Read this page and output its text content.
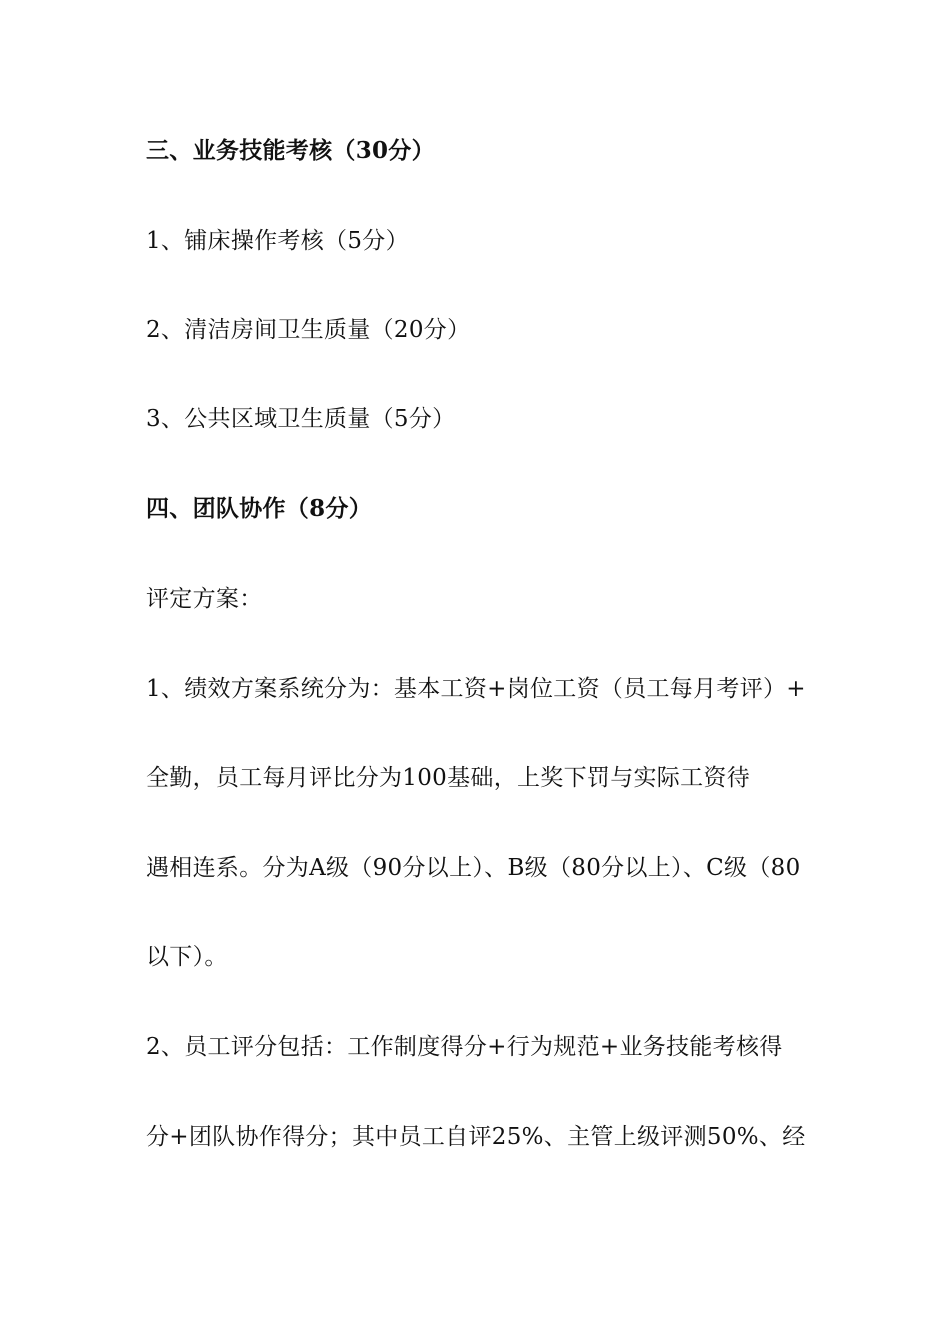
三、业务技能考核（30分）
1、铺床操作考核（5分）
2、清洁房间卫生质量（20分）
3、公共区域卫生质量（5分）
四、团队协作（8分）
评定方案：
1、绩效方案系统分为：基本工资+岗位工资（员工每月考评）+
全勤，员工每月评比分为100基础，上奖下罚与实际工资待
遇相连系。分为A级（90分以上）、B级（80分以上）、C级（80
以下）。
2、员工评分包括：工作制度得分+行为规范+业务技能考核得
分+团队协作得分；其中员工自评25%、主管上级评测50%、经
